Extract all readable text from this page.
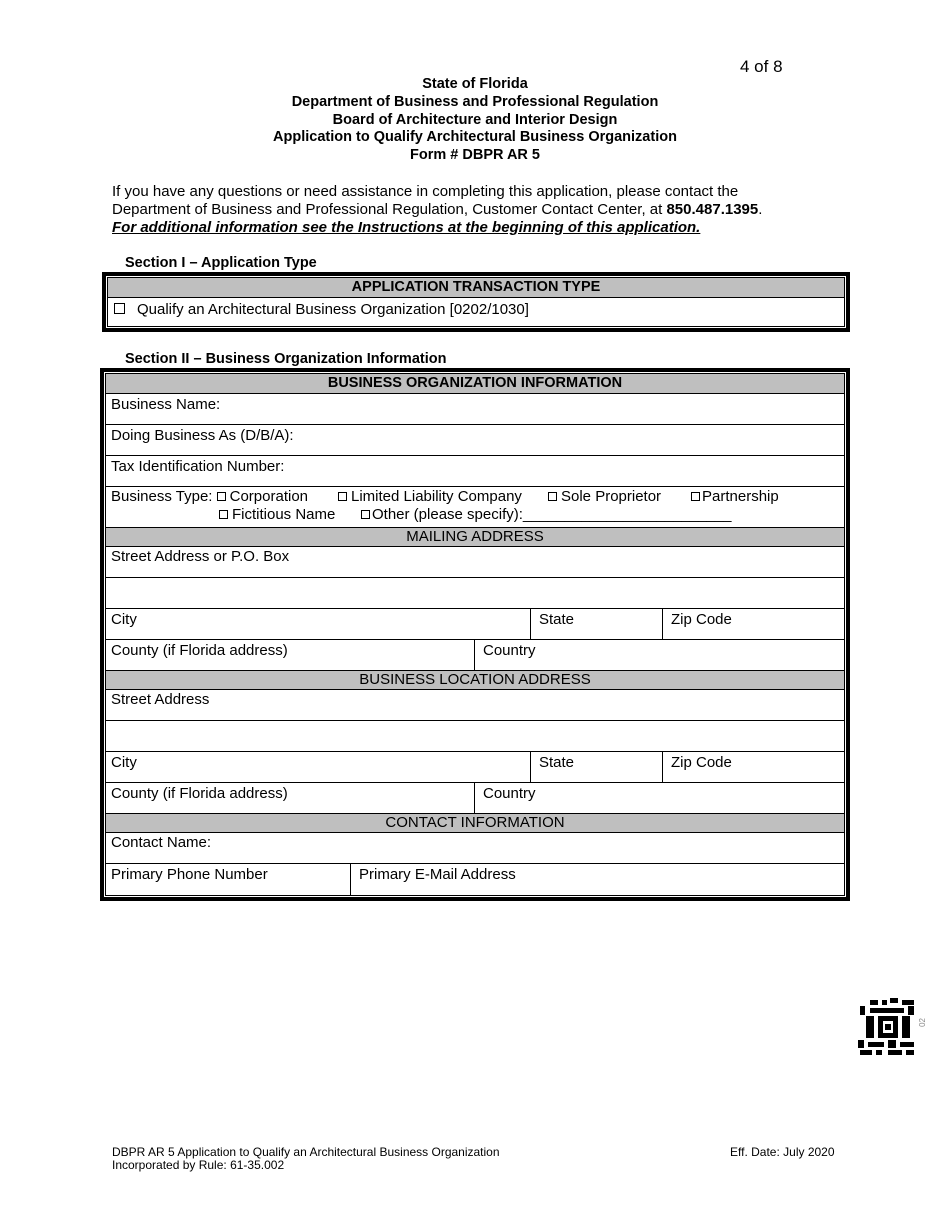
4 of 8
State of Florida
Department of Business and Professional Regulation
Board of Architecture and Interior Design
Application to Qualify Architectural Business Organization
Form # DBPR AR 5
If you have any questions or need assistance in completing this application, please contact the
Department of Business and Professional Regulation, Customer Contact Center, at 850.487.1395.
For additional information see the Instructions at the beginning of this application.
Section I – Application Type
APPLICATION TRANSACTION TYPE
Qualify an Architectural Business Organization [0202/1030]
Section II – Business Organization Information
BUSINESS ORGANIZATION INFORMATION
Business Name:
Doing Business As (D/B/A):
Tax Identification Number:
Business Type: Corporation	Limited Liability Company	Sole Proprietor	Partnership
Fictitious Name	Other (please specify):_________________________
MAILING ADDRESS
Street Address or P.O. Box
City	State	Zip Code
County (if Florida address)	Country
BUSINESS LOCATION ADDRESS
Street Address
City	State	Zip Code
County (if Florida address)	Country
CONTACT INFORMATION
Contact Name:
Primary Phone Number	Primary E-Mail Address
02
DBPR AR 5 Application to Qualify an Architectural Business Organization
Incorporated by Rule: 61-35.002
Eff. Date: July 2020
